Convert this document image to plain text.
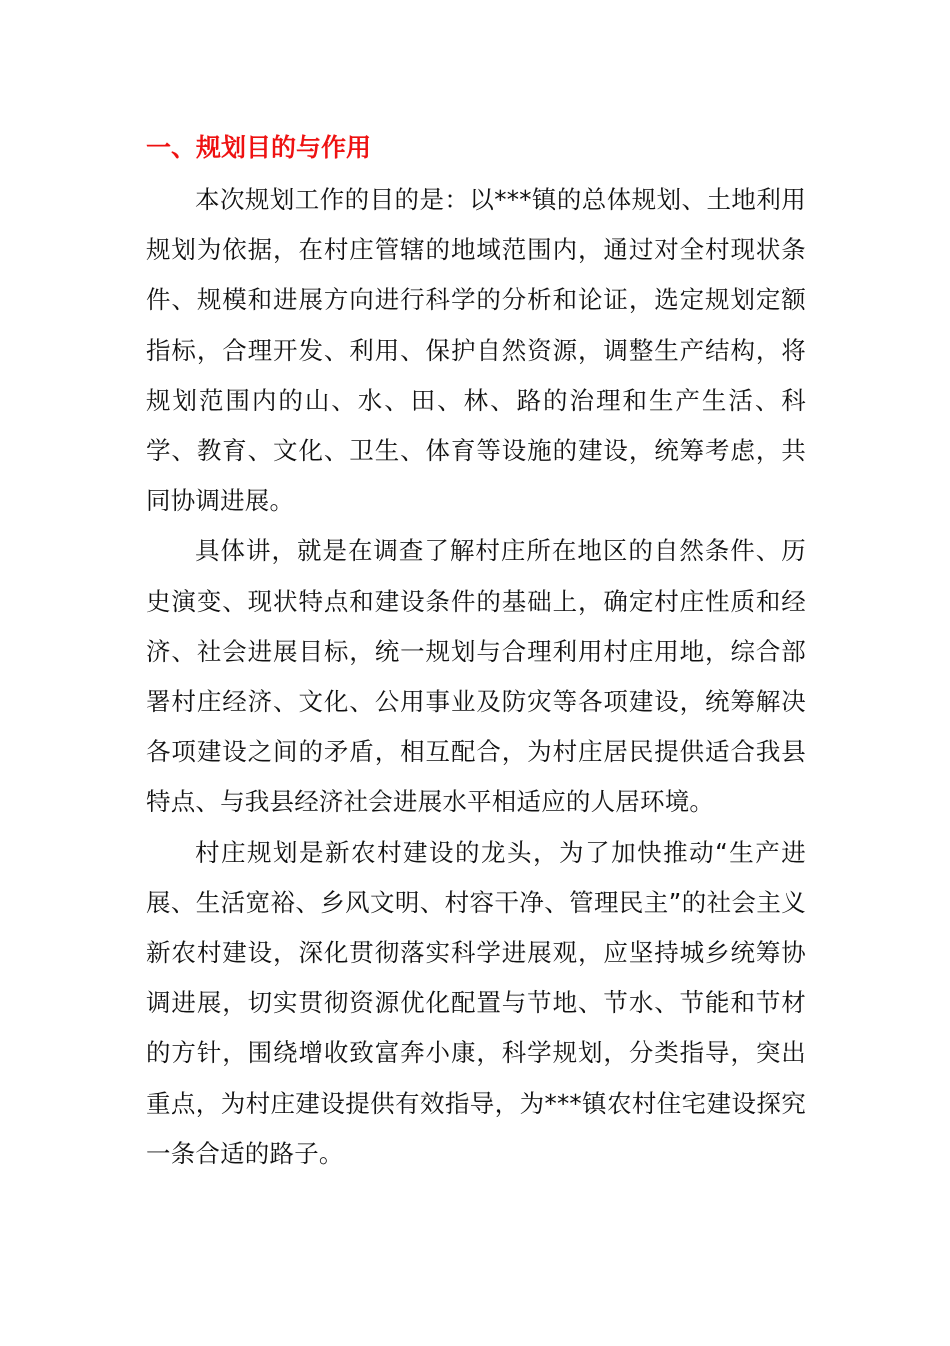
一、规划目的与作用

本次规划工作的目的是：以***镇的总体规划、土地利用规划为依据，在村庄管辖的地域范围内，通过对全村现状条件、规模和进展方向进行科学的分析和论证，选定规划定额指标，合理开发、利用、保护自然资源，调整生产结构，将规划范围内的山、水、田、林、路的治理和生产生活、科学、教育、文化、卫生、体育等设施的建设，统筹考虑，共同协调进展。

具体讲，就是在调查了解村庄所在地区的自然条件、历史演变、现状特点和建设条件的基础上，确定村庄性质和经济、社会进展目标，统一规划与合理利用村庄用地，综合部署村庄经济、文化、公用事业及防灾等各项建设，统筹解决各项建设之间的矛盾，相互配合，为村庄居民提供适合我县特点、与我县经济社会进展水平相适应的人居环境。

村庄规划是新农村建设的龙头，为了加快推动“生产进展、生活宽裕、乡风文明、村容干净、管理民主”的社会主义新农村建设，深化贯彻落实科学进展观，应坚持城乡统筹协调进展，切实贯彻资源优化配置与节地、节水、节能和节材的方针，围绕增收致富奔小康，科学规划，分类指导，突出重点，为村庄建设提供有效指导，为***镇农村住宅建设探究一条合适的路子。
